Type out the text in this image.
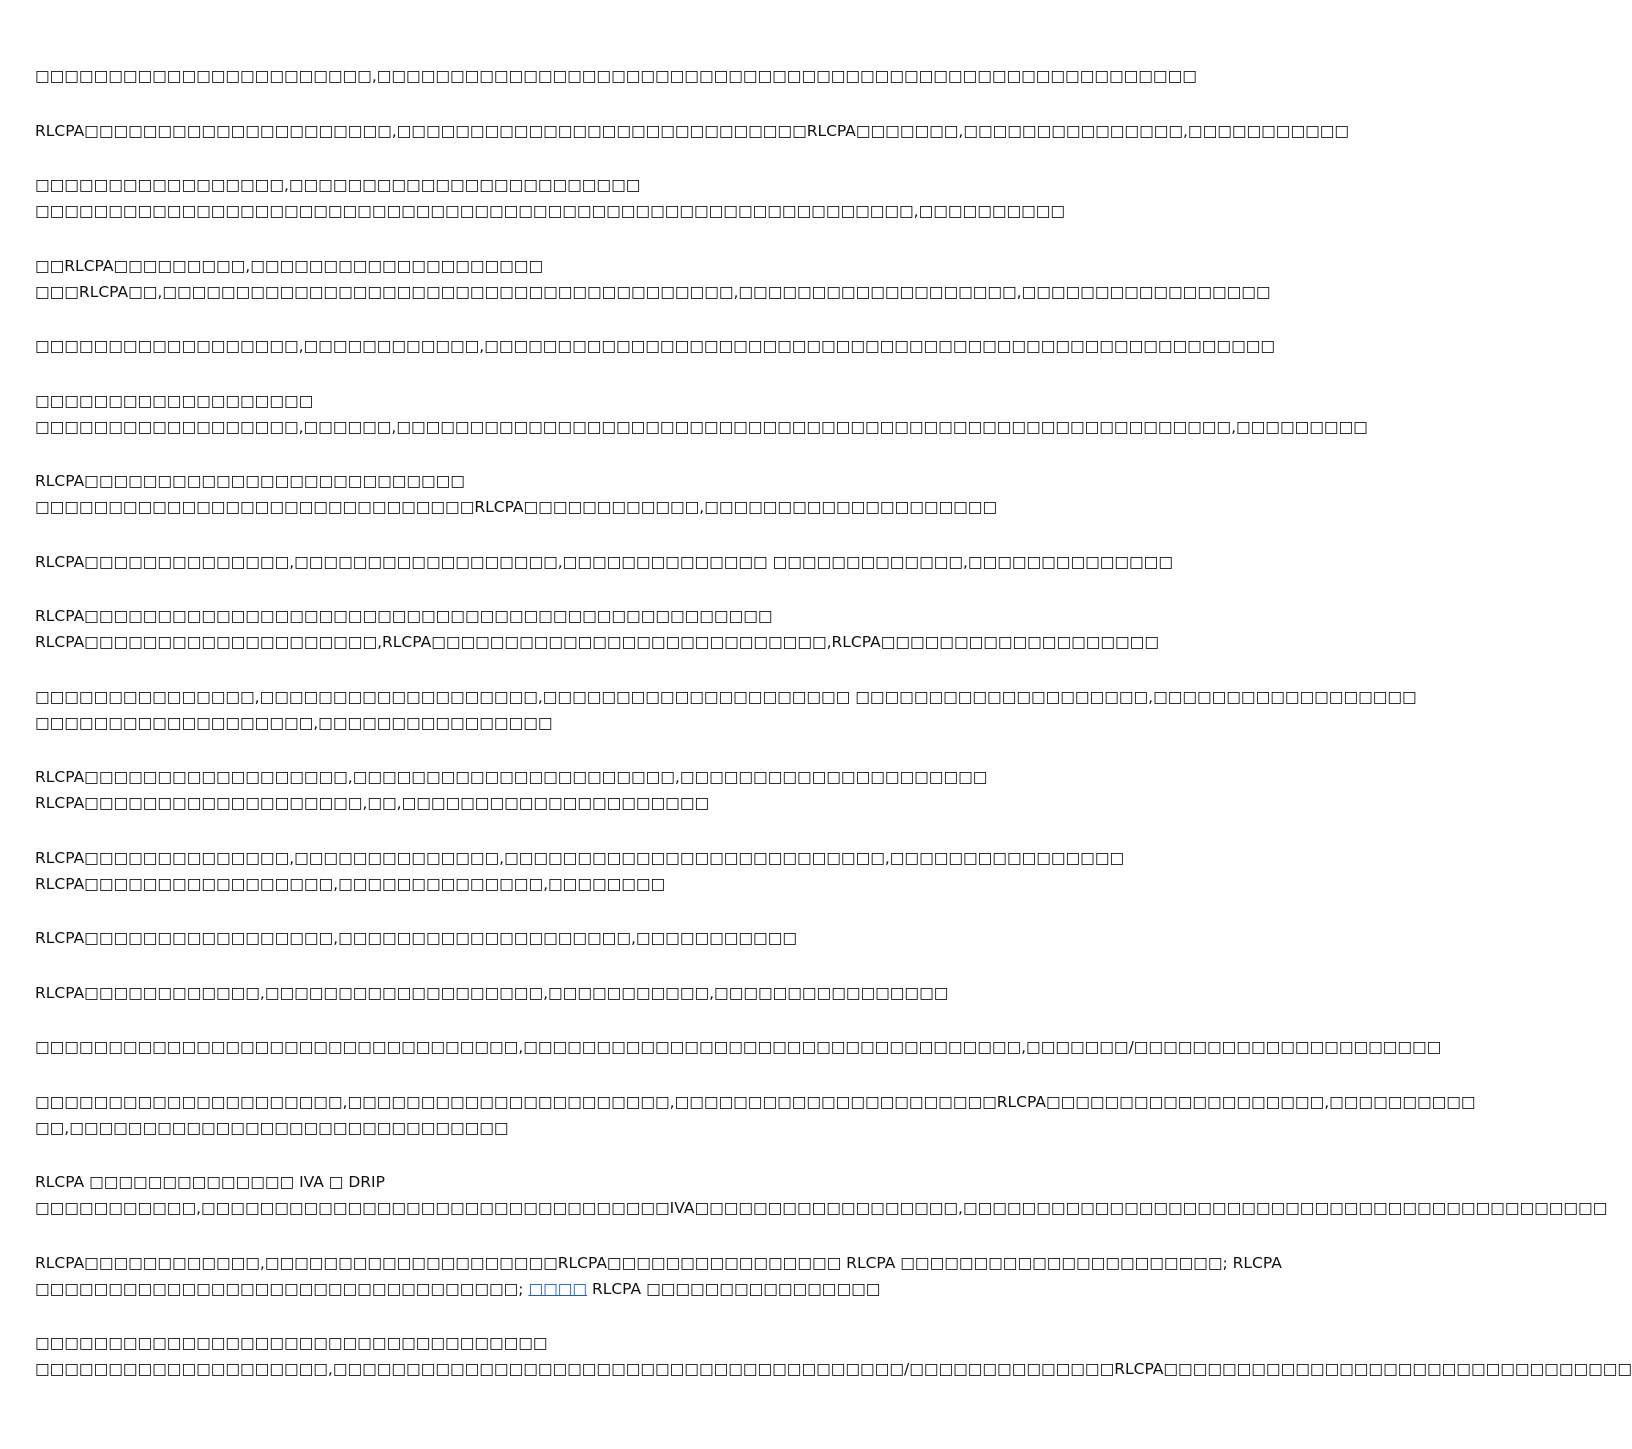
□□□□□□□□□□□□□□□□□□□□□□□,□□□□□□□□□□□□□□□□□□□□□□□□□□□□□□□□□□□□□□□□□□□□□□□□□□□□□□□□
RLCPA□□□□□□□□□□□□□□□□□□□□□,□□□□□□□□□□□□□□□□□□□□□□□□□□□□RLCPA□□□□□□□,□□□□□□□□□□□□□□□,□□□□□□□□□□□
□□□□□□□□□□□□□□□□□,□□□□□□□□□□□□□□□□□□□□□□□□
□□□□□□□□□□□□□□□□□□□□□□□□□□□□□□□□□□□□□□□□□□□□□□□□□□□□□□□□□□□□,□□□□□□□□□□
□□RLCPA□□□□□□□□□,□□□□□□□□□□□□□□□□□□□□
□□□RLCPA□□,□□□□□□□□□□□□□□□□□□□□□□□□□□□□□□□□□□□□□□□,□□□□□□□□□□□□□□□□□□□,□□□□□□□□□□□□□□□□□
□□□□□□□□□□□□□□□□□□,□□□□□□□□□□□□,□□□□□□□□□□□□□□□□□□□□□□□□□□□□□□□□□□□□□□□□□□□□□□□□□□□□□□
□□□□□□□□□□□□□□□□□□□
□□□□□□□□□□□□□□□□□□,□□□□□□,□□□□□□□□□□□□□□□□□□□□□□□□□□□□□□□□□□□□□□□□□□□□□□□□□□□□□□□□□,□□□□□□□□□
RLCPA□□□□□□□□□□□□□□□□□□□□□□□□□□
□□□□□□□□□□□□□□□□□□□□□□□□□□□□□□RLCPA□□□□□□□□□□□□,□□□□□□□□□□□□□□□□□□□□
RLCPA□□□□□□□□□□□□□□,□□□□□□□□□□□□□□□□□□,□□□□□□□□□□□□□□ □□□□□□□□□□□□□,□□□□□□□□□□□□□□
RLCPA□□□□□□□□□□□□□□□□□□□□□□□□□□□□□□□□□□□□□□□□□□□□□□□
RLCPA□□□□□□□□□□□□□□□□□□□□,RLCPA□□□□□□□□□□□□□□□□□□□□□□□□□□□,RLCPA□□□□□□□□□□□□□□□□□□□
□□□□□□□□□□□□□□□,□□□□□□□□□□□□□□□□□□□,□□□□□□□□□□□□□□□□□□□□□ □□□□□□□□□□□□□□□□□□□□,□□□□□□□□□□□□□□□□□□
□□□□□□□□□□□□□□□□□□□,□□□□□□□□□□□□□□□□
RLCPA□□□□□□□□□□□□□□□□□□,□□□□□□□□□□□□□□□□□□□□□□,□□□□□□□□□□□□□□□□□□□□□
RLCPA□□□□□□□□□□□□□□□□□□□,□□,□□□□□□□□□□□□□□□□□□□□□
RLCPA□□□□□□□□□□□□□□,□□□□□□□□□□□□□□,□□□□□□□□□□□□□□□□□□□□□□□□□□,□□□□□□□□□□□□□□□□
RLCPA□□□□□□□□□□□□□□□□□,□□□□□□□□□□□□□□,□□□□□□□□
RLCPA□□□□□□□□□□□□□□□□□,□□□□□□□□□□□□□□□□□□□□,□□□□□□□□□□□
RLCPA□□□□□□□□□□□□,□□□□□□□□□□□□□□□□□□□,□□□□□□□□□□□,□□□□□□□□□□□□□□□□
□□□□□□□□□□□□□□□□□□□□□□□□□□□□□□□□□,□□□□□□□□□□□□□□□□□□□□□□□□□□□□□□□□□□,□□□□□□□/□□□□□□□□□□□□□□□□□□□□□
□□□□□□□□□□□□□□□□□□□□□,□□□□□□□□□□□□□□□□□□□□□□,□□□□□□□□□□□□□□□□□□□□□□RLCPA□□□□□□□□□□□□□□□□□□□,□□□□□□□□□□
□□,□□□□□□□□□□□□□□□□□□□□□□□□□□□□□□
RLCPA □□□□□□□□□□□□□□ IVA □ DRIP
□□□□□□□□□□□,□□□□□□□□□□□□□□□□□□□□□□□□□□□□□□□□IVA□□□□□□□□□□□□□□□□□□,□□□□□□□□□□□□□□□□□□□□□□□□□□□□□□□□□□□□□□□□□□□□
RLCPA□□□□□□□□□□□□,□□□□□□□□□□□□□□□□□□□□RLCPA□□□□□□□□□□□□□□□□ RLCPA □□□□□□□□□□□□□□□□□□□□□□; RLCPA
□□□□□□□□□□□□□□□□□□□□□□□□□□□□□□□□□; □□□□ RLCPA □□□□□□□□□□□□□□□□
□□□□□□□□□□□□□□□□□□□□□□□□□□□□□□□□□□□
□□□□□□□□□□□□□□□□□□□□,□□□□□□□□□□□□□□□□□□□□□□□□□□□□□□□□□□□□□□□/□□□□□□□□□□□□□□RLCPA□□□□□□□□□□□□□□□□□□□□□□□□□□□□□□□□
